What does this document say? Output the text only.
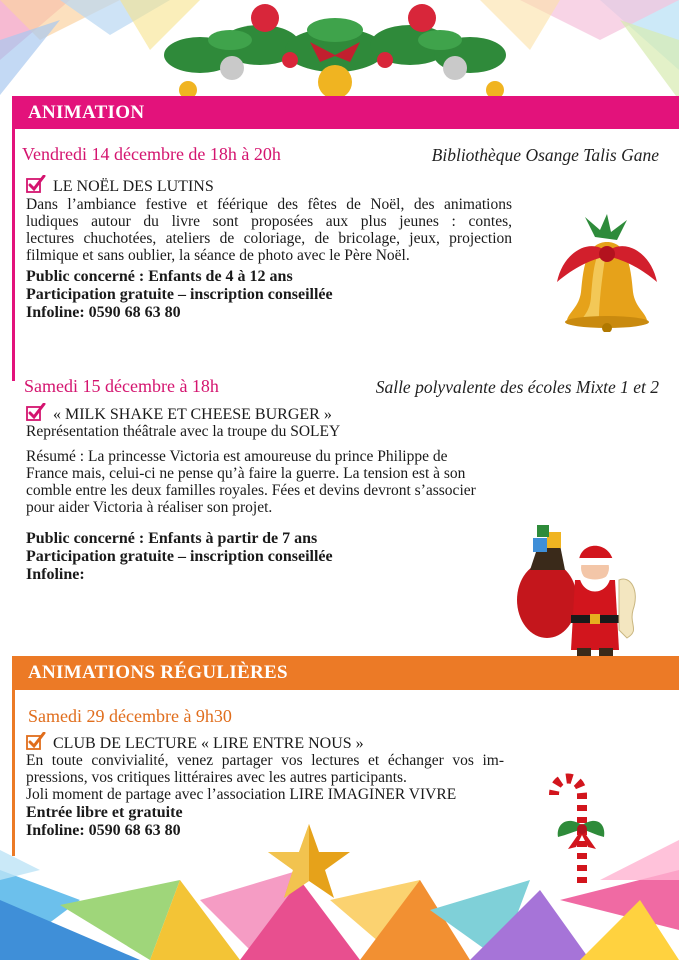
ANIMATION
Vendredi 14 décembre de 18h à 20h	Bibliothèque Osange Talis Gane
LE NOËL DES LUTINS
Dans l’ambiance festive et féérique des fêtes de Noël, des animations
ludiques autour du livre sont proposées aux plus jeunes : contes,
lectures chuchotées, ateliers de coloriage, de bricolage, jeux, projection
filmique et sans oublier, la séance de photo avec le Père Noël.
Public concerné : Enfants de 4 à 12 ans
Participation gratuite – inscription conseillée
Infoline: 0590 68 63 80
Samedi 15 décembre à 18h	Salle polyvalente des écoles Mixte 1 et 2
« MILK SHAKE ET CHEESE BURGER »
Représentation théâtrale avec la troupe du SOLEY
Résumé : La princesse Victoria est amoureuse du prince Philippe de
France mais, celui-ci ne pense qu’à faire la guerre. La tension est à son
comble entre les deux familles royales. Fées et devins devront s’associer
pour aider Victoria à réaliser son projet.
Public concerné : Enfants à partir de 7 ans
Participation gratuite – inscription conseillée
Infoline:
ANIMATIONS RÉGULIÈRES
Samedi 29 décembre à 9h30
CLUB DE LECTURE « LIRE ENTRE NOUS »
En toute convivialité, venez partager vos lectures et échanger vos im-
pressions, vos critiques littéraires avec les autres participants.
Joli moment de partage avec l’association LIRE IMAGINER VIVRE
Entrée libre et gratuite
Infoline: 0590 68 63 80
